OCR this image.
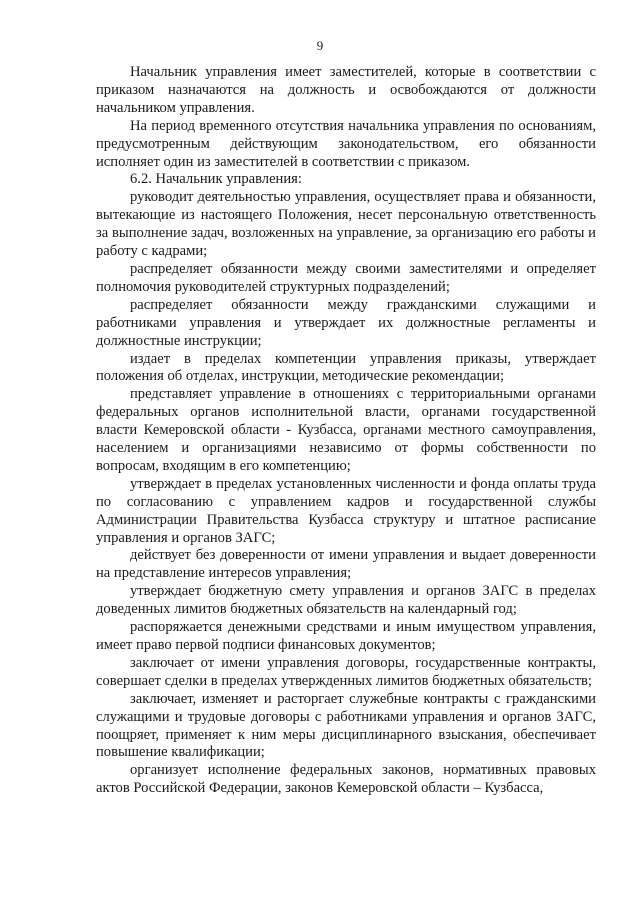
9

Начальник управления имеет заместителей, которые в соответствии с приказом назначаются на должность и освобождаются от должности начальником управления.

На период временного отсутствия начальника управления по основаниям, предусмотренным действующим законодательством, его обязанности исполняет один из заместителей в соответствии с приказом.

6.2. Начальник управления:

руководит деятельностью управления, осуществляет права и обязанности, вытекающие из настоящего Положения, несет персональную ответственность за выполнение задач, возложенных на управление, за организацию его работы и работу с кадрами;

распределяет обязанности между своими заместителями и определяет полномочия руководителей структурных подразделений;

распределяет обязанности между гражданскими служащими и работниками управления и утверждает их должностные регламенты и должностные инструкции;

издает в пределах компетенции управления приказы, утверждает положения об отделах, инструкции, методические рекомендации;

представляет управление в отношениях с территориальными органами федеральных органов исполнительной власти, органами государственной власти Кемеровской области - Кузбасса, органами местного самоуправления, населением и организациями независимо от формы собственности по вопросам, входящим в его компетенцию;

утверждает в пределах установленных численности и фонда оплаты труда по согласованию с управлением кадров и государственной службы Администрации Правительства Кузбасса структуру и штатное расписание управления и органов ЗАГС;

действует без доверенности от имени управления и выдает доверенности на представление интересов управления;

утверждает бюджетную смету управления и органов ЗАГС в пределах доведенных лимитов бюджетных обязательств на календарный год;

распоряжается денежными средствами и иным имуществом управления, имеет право первой подписи финансовых документов;

заключает от имени управления договоры, государственные контракты, совершает сделки в пределах утвержденных лимитов бюджетных обязательств;

заключает, изменяет и расторгает служебные контракты с гражданскими служащими и трудовые договоры с работниками управления и органов ЗАГС, поощряет, применяет к ним меры дисциплинарного взыскания, обеспечивает повышение квалификации;

организует исполнение федеральных законов, нормативных правовых актов Российской Федерации, законов Кемеровской области – Кузбасса,
